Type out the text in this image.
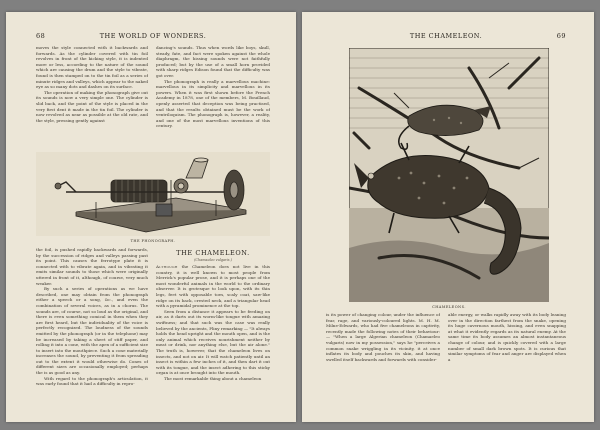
68	THE WORLD OF WONDERS.

moves the style connected with it backwards and forwards. As the cylinder covered with tin foil revolves in front of the kicking style, it is indented more or less, according to the nature of the sound which are causing the drum and the style to vibrate, found is then stamped on to the tin foil as a series of minute ridges and valleys, which appear to the naked eye as so many dots and dashes on its surface.

The operation of making the phonograph give out its sounds is now a very simple one. The cylinder is slid back, and the point of the style is placed in the very first dent it made in the tin foil. The cylinder is now revolved as near as possible at the old rate, and the style, pressing gently against

dancing's sounds. Thus when words like boys, skull, steady, fate, and fact were spoken against the whole diaphragm, the hissing sounds were not faithfully produced; but by the use of a small horn provided with sharp ridges Edison found that the difficulty was got over.

The phonograph is really a marvellous machine: marvellous in its simplicity and marvellous in its powers. When it was first shown before the French Academy in 1878, one of the members, M. Bouillaud, openly asserted that deception was being practised, and that the results obtained must be the work of ventriloquism. The phonograph is, however, a reality, and one of the most marvellous inventions of this century.

THE PHONOGRAPH.

the foil, is pushed rapidly backwards and forwards, by the succession of ridges and valleys passing past its point. This causes the ferrotype plate it is connected with to vibrate again, and in vibrating it emits similar sounds to those which were originally uttered in front of it, although, of course, very much weaker.

By such a series of operations as we have described, one may obtain from the phonograph either a speech or a song, &c., and even the combination of several voices, as in a chorus. The sounds are, of course, not so loud as the original, and there is even something comical in them when they are first heard, but the individuality of the voice is perfectly recognized. The loudness of the sounds emitted by the phonograph (or in the telephone) may be increased by taking a sheet of stiff paper, and rolling it into a cone, with the apex of a sufficient size to insert into the mouthpiece. Such a cone materially increases the sound, by preventing it from spreading out to the extent it would otherwise do. Cones of different sizes are occasionally employed; perhaps the is as good as any.

With regard to the phonograph's articulation, it was early found that it had a difficulty in repro-

THE CHAMELEON.
(Chamaeleo vulgaris.)

Although the Chameleon does not live in this country, it is well known to most people from Merrick's popular prose, and it is perhaps one of the most wonderful animals in the world to the ordinary observer. It is grotesque to look upon, with its thin legs, feet with opposable toes, scaly coat, saw-like ridge on its back, crested neck, and a triangular head with a pyramidal prominence at the top.

Seen from a distance it appears to be feeding on air, as it darts out its worm-like tongue with amazing swiftness; and that such was the case was really believed by the ancients, Pliny remarking — "It always holds the head upright and the mouth open, and is the only animal which receives nourishment neither by meat or drink, nor anything else, but the air alone." The truth is, however, that the chameleon lives on insects, and not on air. It will watch patiently until an insect is within a few inches of it, and then dart it out with its tongue, and the insect adhering to this sticky organ is at once brought into the mouth.

The most remarkable thing about a chameleon

THE CHAMELEON.	69
CHAMELEONS.

is its power of changing colour, under the influence of fear, rage, and variously-coloured lights. M. H. M. Milne-Edwards, who had five chameleons in captivity, recently made the following notes of their behaviour:— "When a large Algerian chameleon (Chamaeleo vulgaris) now in my possession," says he "perceives a common snake wriggling in its vicinity, it at once inflates its body and pouches its skin, and having swelled itself backwards and forwards with consider-

able energy, or walks rapidly away with its body leaning over in the direction farthest from the snake, opening its huge cavernous mouth, hissing, and even snapping at what it evidently regards as its natural enemy. At the same time its body assumes an almost instantaneous change of colour, and is quickly covered with a large number of small dark brown spots. It is curious that similar symptoms of fear and anger are displayed when a
